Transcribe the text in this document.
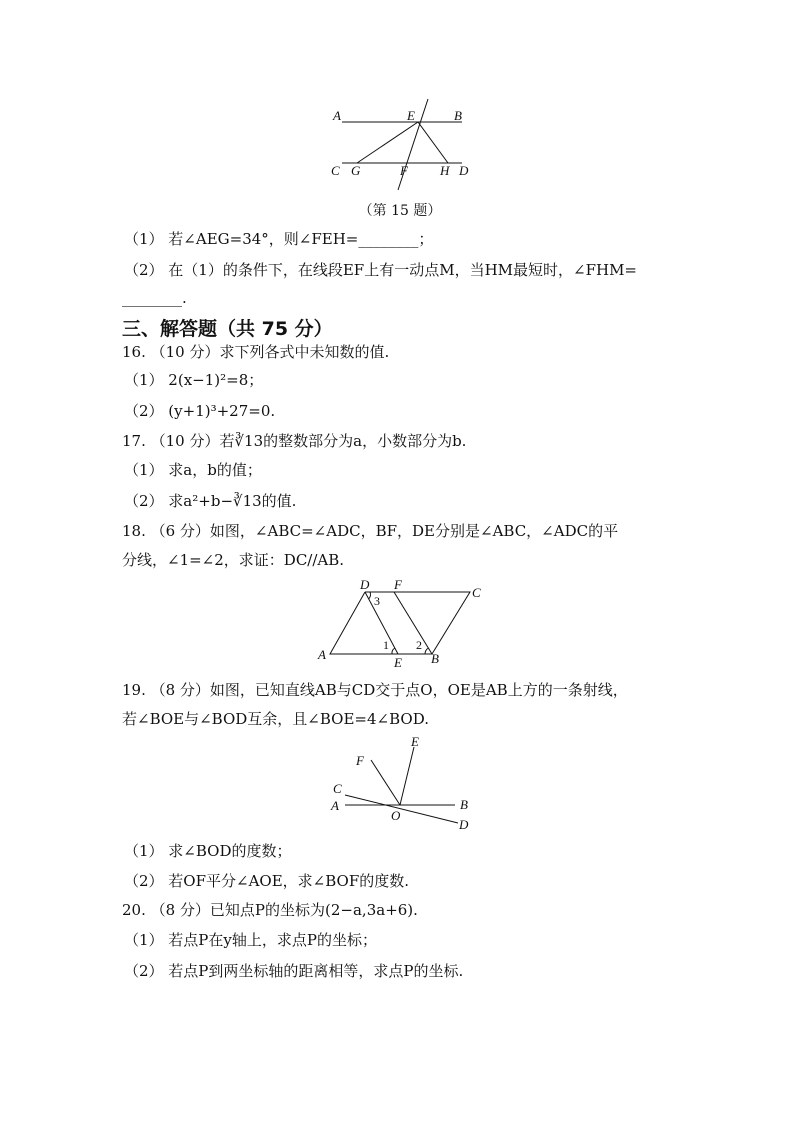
A	E	B
C G	F H D
（第 15 题）
（1） 若∠AEG=34°，则∠FEH=________；
（2） 在（1）的条件下，在线段EF上有一动点M，当HM最短时，∠FHM=
________.
三、解答题（共 75 分）
16. （10 分）求下列各式中未知数的值.
（1） 2(x−1)²=8；
（2） (y+1)³+27=0.
17. （10 分）若∛13的整数部分为a，小数部分为b.
（1） 求a，b的值；
（2） 求a²+b−∛13的值.
18. （6 分）如图，∠ABC=∠ADC，BF，DE分别是∠ABC，∠ADC的平
分线，∠1=∠2，求证：DC//AB.
D F
C
A
E B
3
1 2
19. （8 分）如图，已知直线AB与CD交于点O，OE是AB上方的一条射线，
若∠BOE与∠BOD互余，且∠BOE=4∠BOD.
E
F
C
A
O
B
D
（1） 求∠BOD的度数；
（2） 若OF平分∠AOE，求∠BOF的度数.
20. （8 分）已知点P的坐标为(2−a,3a+6).
（1） 若点P在y轴上，求点P的坐标；
（2） 若点P到两坐标轴的距离相等，求点P的坐标.
